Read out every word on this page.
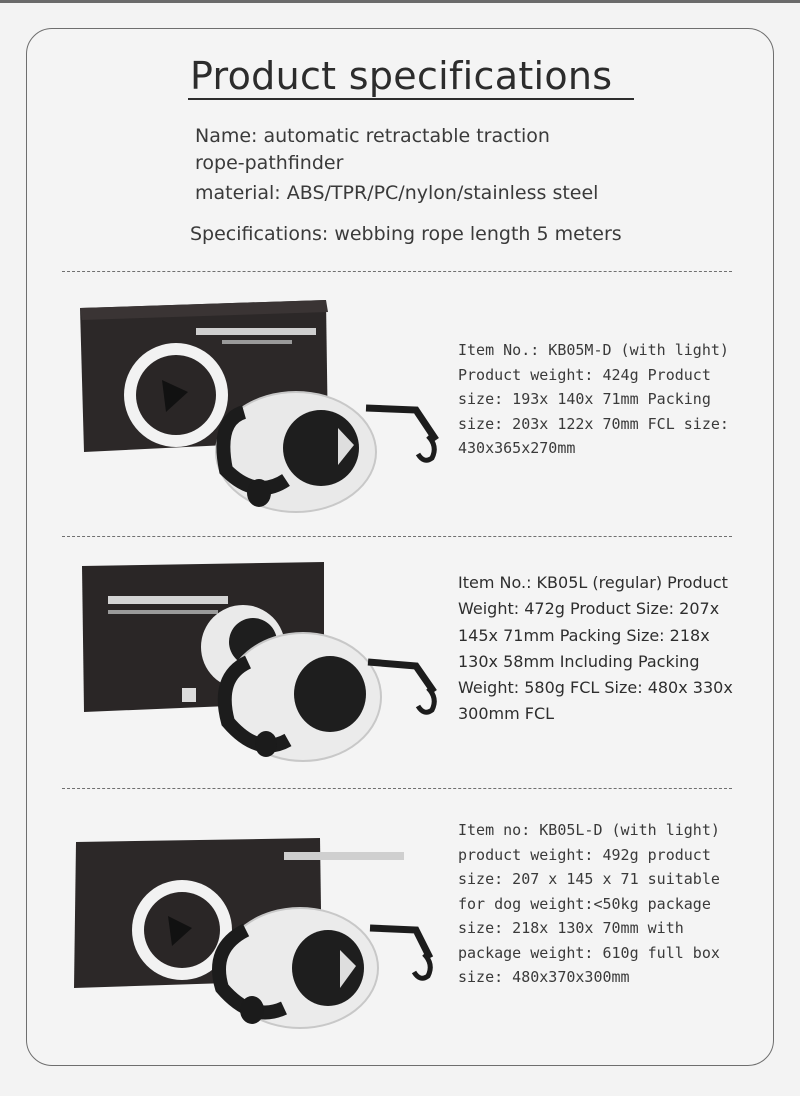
Product specifications
Name: automatic retractable traction
rope-pathfinder
material: ABS/TPR/PC/nylon/stainless steel
Specifications: webbing rope length 5 meters
Item No.: KB05M-D (with light) Product weight: 424g Product size: 193x 140x 71mm Packing size: 203x 122x 70mm FCL size: 430x365x270mm
Item No.: KB05L (regular) Product Weight: 472g Product Size: 207x 145x 71mm Packing Size: 218x 130x 58mm Including Packing Weight: 580g FCL Size: 480x 330x 300mm FCL
Item no: KB05L-D (with light) product weight: 492g product size: 207 x 145 x 71 suitable for dog weight:<50kg package size: 218x 130x 70mm with package weight: 610g full box size: 480x370x300mm
